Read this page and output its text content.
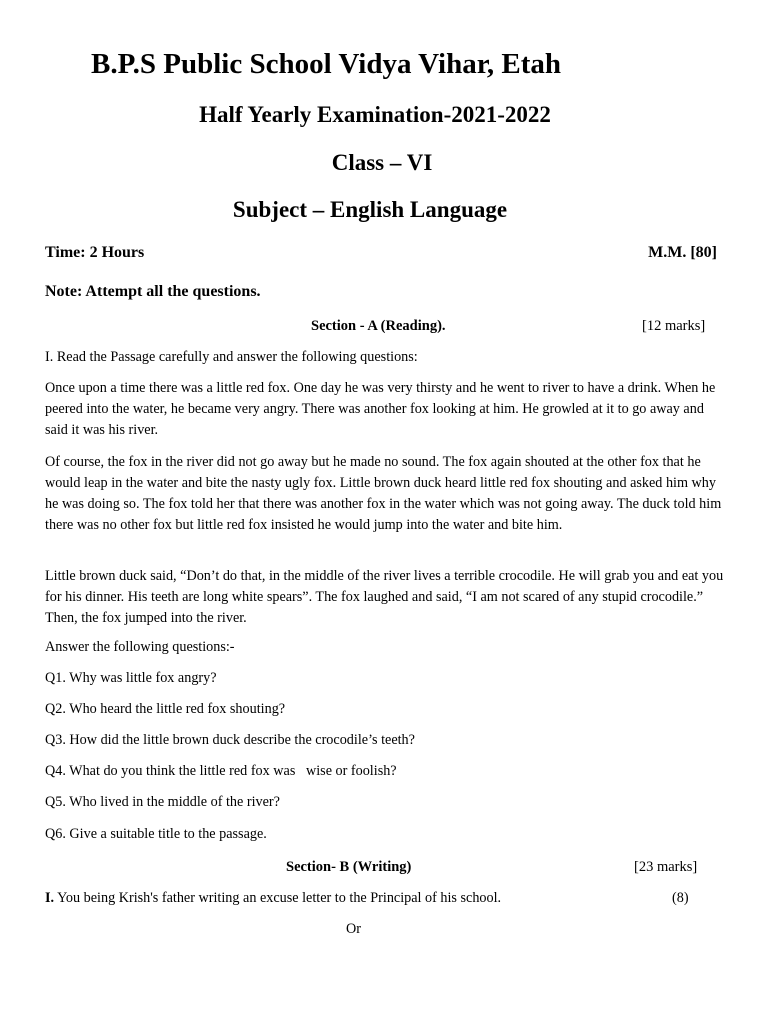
B.P.S Public School Vidya Vihar, Etah
Half Yearly Examination-2021-2022
Class – VI
Subject – English Language
Time: 2 Hours	M.M. [80]
Note: Attempt all the questions.
Section - A (Reading).	[12 marks]
I. Read the Passage carefully and answer the following questions:
Once upon a time there was a little red fox. One day he was very thirsty and he went to river to have a drink. When he peered into the water, he became very angry. There was another fox looking at him. He growled at it to go away and said it was his river.
Of course, the fox in the river did not go away but he made no sound. The fox again shouted at the other fox that he would leap in the water and bite the nasty ugly fox. Little brown duck heard little red fox shouting and asked him why he was doing so. The fox told her that there was another fox in the water which was not going away. The duck told him there was no other fox but little red fox insisted he would jump into the water and bite him.
Little brown duck said, “Don’t do that, in the middle of the river lives a terrible crocodile. He will grab you and eat you for his dinner. His teeth are long white spears”. The fox laughed and said, “I am not scared of any stupid crocodile.” Then, the fox jumped into the river.
Answer the following questions:-
Q1. Why was little fox angry?
Q2. Who heard the little red fox shouting?
Q3. How did the little brown duck describe the crocodile’s teeth?
Q4. What do you think the little red fox was   wise or foolish?
Q5. Who lived in the middle of the river?
Q6. Give a suitable title to the passage.
Section- B (Writing)	[23 marks]
I. You being Krish's father writing an excuse letter to the Principal of his school.	(8)
Or
